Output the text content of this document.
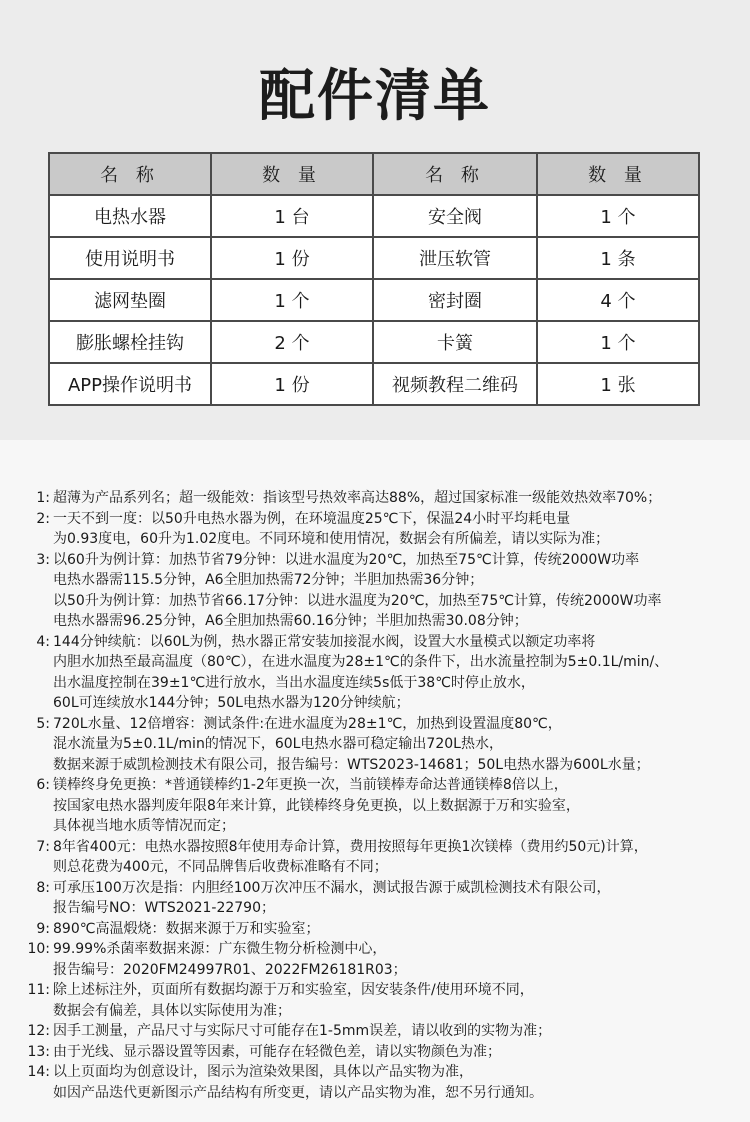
配件清单
名 称	数 量	名 称	数 量
电热水器	1 台	安全阀	1 个
使用说明书	1 份	泄压软管	1 条
滤网垫圈	1 个	密封圈	4 个
膨胀螺栓挂钩	2 个	卡簧	1 个
APP操作说明书	1 份	视频教程二维码	1 张
1: 超薄为产品系列名；超一级能效：指该型号热效率高达88%，超过国家标准一级能效热效率70%；
2: 一天不到一度：以50升电热水器为例，在环境温度25℃下，保温24小时平均耗电量
为0.93度电，60升为1.02度电。不同环境和使用情况，数据会有所偏差，请以实际为准；
3: 以60升为例计算：加热节省79分钟：以进水温度为20℃，加热至75℃计算，传统2000W功率
电热水器需115.5分钟，A6全胆加热需72分钟；半胆加热需36分钟；
以50升为例计算：加热节省66.17分钟：以进水温度为20℃，加热至75℃计算，传统2000W功率
电热水器需96.25分钟，A6全胆加热需60.16分钟；半胆加热需30.08分钟；
4: 144分钟续航：以60L为例，热水器正常安装加接混水阀，设置大水量模式以额定功率将
内胆水加热至最高温度（80℃），在进水温度为28±1℃的条件下，出水流量控制为5±0.1L/min/、
出水温度控制在39±1℃进行放水，当出水温度连续5s低于38℃时停止放水，
60L可连续放水144分钟；50L电热水器为120分钟续航；
5: 720L水量、12倍增容：测试条件:在进水温度为28±1℃，加热到设置温度80℃，
混水流量为5±0.1L/min的情况下，60L电热水器可稳定输出720L热水，
数据来源于威凯检测技术有限公司，报告编号：WTS2023-14681；50L电热水器为600L水量；
6: 镁棒终身免更换：*普通镁棒约1-2年更换一次，当前镁棒寿命达普通镁棒8倍以上，
按国家电热水器判废年限8年来计算，此镁棒终身免更换，以上数据源于万和实验室，
具体视当地水质等情况而定；
7: 8年省400元：电热水器按照8年使用寿命计算，费用按照每年更换1次镁棒（费用约50元)计算，
则总花费为400元，不同品牌售后收费标准略有不同；
8: 可承压100万次是指：内胆经100万次冲压不漏水，测试报告源于威凯检测技术有限公司，
报告编号NO：WTS2021-22790；
9: 890℃高温煅烧：数据来源于万和实验室；
10: 99.99%杀菌率数据来源：广东微生物分析检测中心，
报告编号：2020FM24997R01、2022FM26181R03；
11: 除上述标注外，页面所有数据均源于万和实验室，因安装条件/使用环境不同，
数据会有偏差，具体以实际使用为准；
12: 因手工测量，产品尺寸与实际尺寸可能存在1-5mm误差，请以收到的实物为准；
13: 由于光线、显示器设置等因素，可能存在轻微色差，请以实物颜色为准；
14: 以上页面均为创意设计，图示为渲染效果图，具体以产品实物为准，
如因产品迭代更新图示产品结构有所变更，请以产品实物为准，恕不另行通知。
